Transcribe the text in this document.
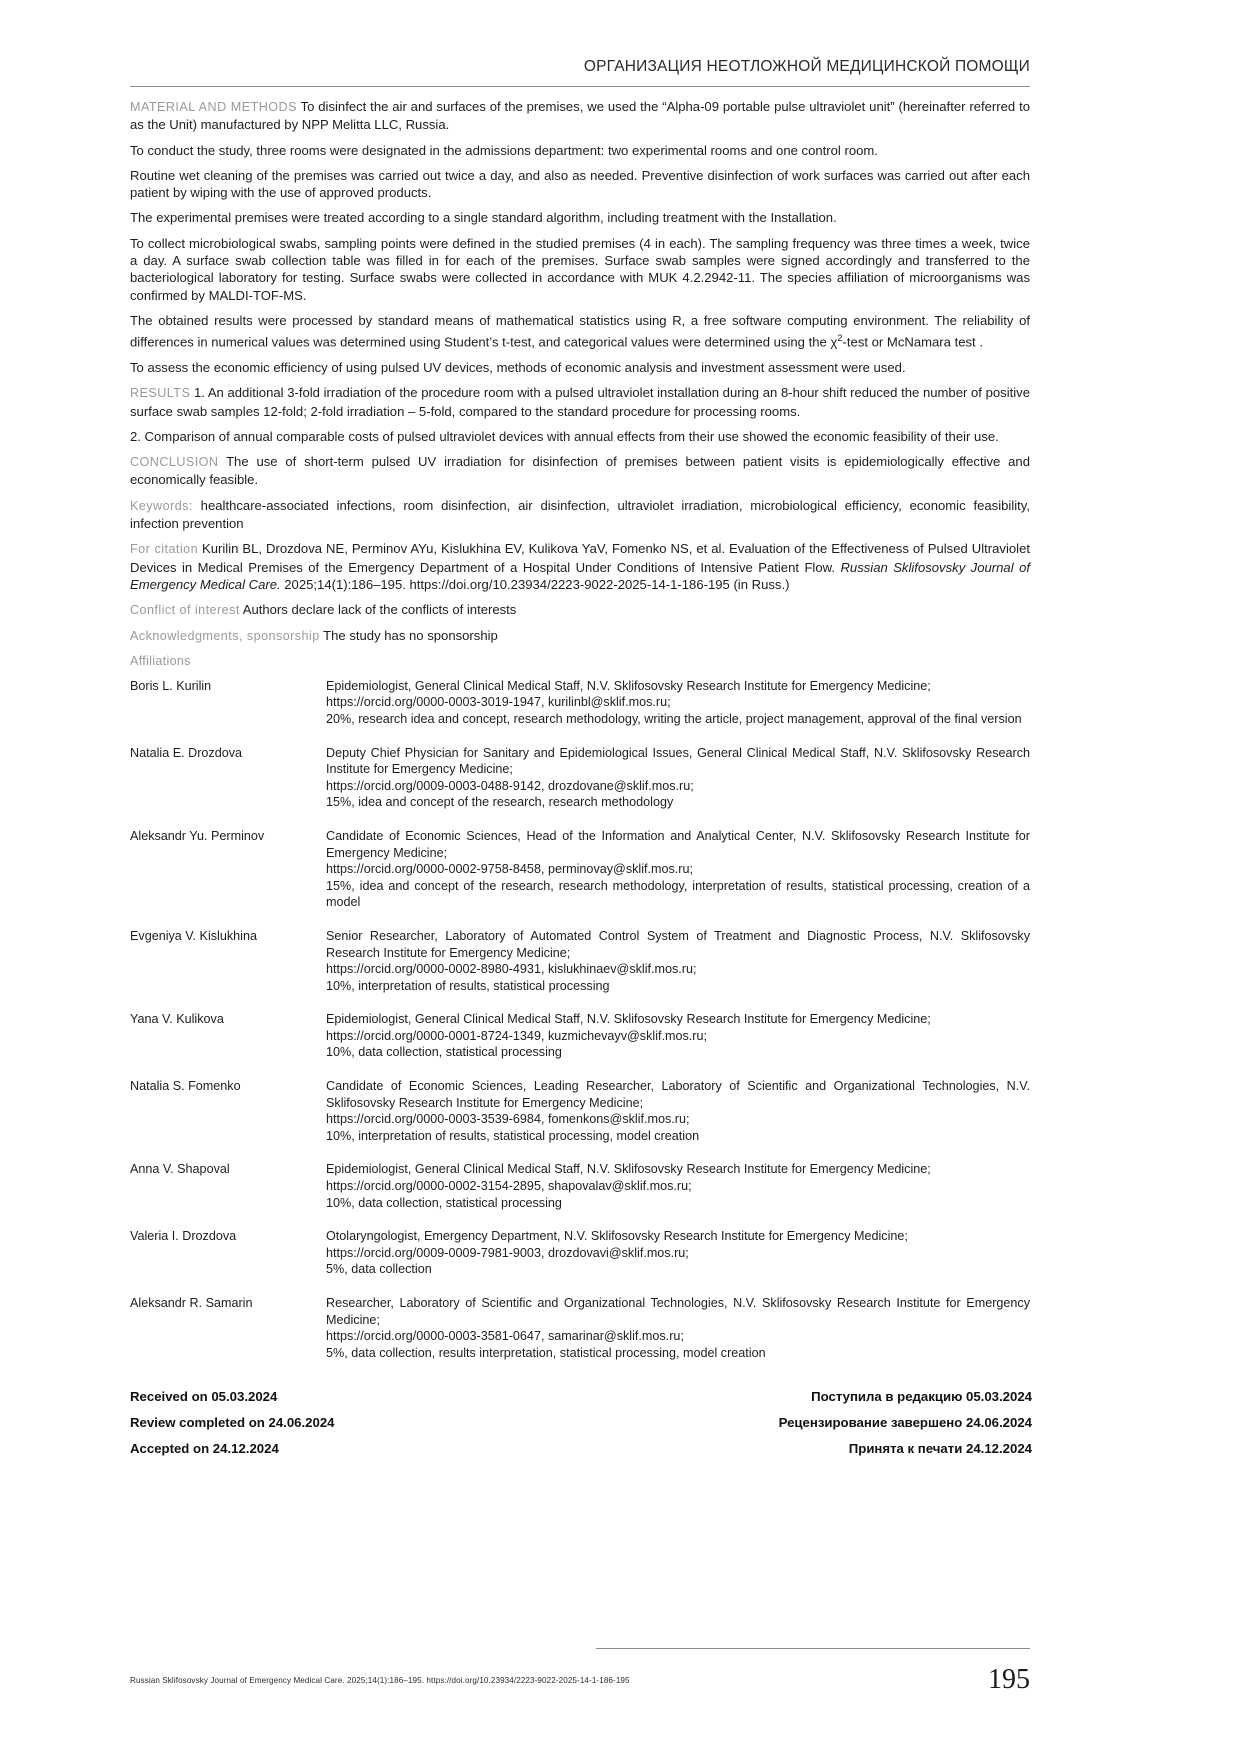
ОРГАНИЗАЦИЯ НЕОТЛОЖНОЙ МЕДИЦИНСКОЙ ПОМОЩИ

MATERIAL AND METHODS To disinfect the air and surfaces of the premises, we used the “Alpha-09 portable pulse ultraviolet unit” (hereinafter referred to as the Unit) manufactured by NPP Melitta LLC, Russia.

To conduct the study, three rooms were designated in the admissions department: two experimental rooms and one control room.

Routine wet cleaning of the premises was carried out twice a day, and also as needed. Preventive disinfection of work surfaces was carried out after each patient by wiping with the use of approved products.

The experimental premises were treated according to a single standard algorithm, including treatment with the Installation.

To collect microbiological swabs, sampling points were defined in the studied premises (4 in each). The sampling frequency was three times a week, twice a day. A surface swab collection table was filled in for each of the premises. Surface swab samples were signed accordingly and transferred to the bacteriological laboratory for testing. Surface swabs were collected in accordance with MUK 4.2.2942-11. The species affiliation of microorganisms was confirmed by MALDI-TOF-MS.

The obtained results were processed by standard means of mathematical statistics using R, a free software computing environment. The reliability of differences in numerical values was determined using Student’s t-test, and categorical values were determined using the $\chi^2$-test or McNamara test .

To assess the economic efficiency of using pulsed UV devices, methods of economic analysis and investment assessment were used.

RESULTS 1. An additional 3-fold irradiation of the procedure room with a pulsed ultraviolet installation during an 8-hour shift reduced the number of positive surface swab samples 12-fold; 2-fold irradiation – 5-fold, compared to the standard procedure for processing rooms.

2. Comparison of annual comparable costs of pulsed ultraviolet devices with annual effects from their use showed the economic feasibility of their use.

CONCLUSION The use of short-term pulsed UV irradiation for disinfection of premises between patient visits is epidemiologically effective and economically feasible.

Keywords: healthcare-associated infections, room disinfection, air disinfection, ultraviolet irradiation, microbiological efficiency, economic feasibility, infection prevention

For citation Kurilin BL, Drozdova NE, Perminov AYu, Kislukhina EV, Kulikova YaV, Fomenko NS, et al. Evaluation of the Effectiveness of Pulsed Ultraviolet Devices in Medical Premises of the Emergency Department of a Hospital Under Conditions of Intensive Patient Flow. Russian Sklifosovsky Journal of Emergency Medical Care. 2025;14(1):186–195. https://doi.org/10.23934/2223-9022-2025-14-1-186-195 (in Russ.)

Conflict of interest Authors declare lack of the conflicts of interests

Acknowledgments, sponsorship The study has no sponsorship

Affiliations
Boris L. Kurilin	Epidemiologist, General Clinical Medical Staff, N.V. Sklifosovsky Research Institute for Emergency Medicine;
https://orcid.org/0000-0003-3019-1947, kurilinbl@sklif.mos.ru;
20%, research idea and concept, research methodology, writing the article, project management, approval of the final version

Natalia E. Drozdova	Deputy Chief Physician for Sanitary and Epidemiological Issues, General Clinical Medical Staff, N.V. Sklifosovsky Research Institute for Emergency Medicine;
https://orcid.org/0009-0003-0488-9142, drozdovane@sklif.mos.ru;
15%, idea and concept of the research, research methodology

Aleksandr Yu. Perminov	Candidate of Economic Sciences, Head of the Information and Analytical Center, N.V. Sklifosovsky Research Institute for Emergency Medicine;
https://orcid.org/0000-0002-9758-8458, perminovay@sklif.mos.ru;
15%, idea and concept of the research, research methodology, interpretation of results, statistical processing, creation of a model

Evgeniya V. Kislukhina	Senior Researcher, Laboratory of Automated Control System of Treatment and Diagnostic Process, N.V. Sklifosovsky Research Institute for Emergency Medicine;
https://orcid.org/0000-0002-8980-4931, kislukhinaev@sklif.mos.ru;
10%, interpretation of results, statistical processing

Yana V. Kulikova	Epidemiologist, General Clinical Medical Staff, N.V. Sklifosovsky Research Institute for Emergency Medicine;
https://orcid.org/0000-0001-8724-1349, kuzmichevayv@sklif.mos.ru;
10%, data collection, statistical processing

Natalia S. Fomenko	Candidate of Economic Sciences, Leading Researcher, Laboratory of Scientific and Organizational Technologies, N.V. Sklifosovsky Research Institute for Emergency Medicine;
https://orcid.org/0000-0003-3539-6984, fomenkons@sklif.mos.ru;
10%, interpretation of results, statistical processing, model creation

Anna V. Shapoval	Epidemiologist, General Clinical Medical Staff, N.V. Sklifosovsky Research Institute for Emergency Medicine;
https://orcid.org/0000-0002-3154-2895, shapovalav@sklif.mos.ru;
10%, data collection, statistical processing

Valeria I. Drozdova	Otolaryngologist, Emergency Department, N.V. Sklifosovsky Research Institute for Emergency Medicine;
https://orcid.org/0009-0009-7981-9003, drozdovavi@sklif.mos.ru;
5%, data collection

Aleksandr R. Samarin	Researcher, Laboratory of Scientific and Organizational Technologies, N.V. Sklifosovsky Research Institute for Emergency Medicine;
https://orcid.org/0000-0003-3581-0647, samarinar@sklif.mos.ru;
5%, data collection, results interpretation, statistical processing, model creation
Received on 05.03.2024	Поступила в редакцию 05.03.2024
Review completed on 24.06.2024	Рецензирование завершено 24.06.2024
Accepted on 24.12.2024	Принята к печати 24.12.2024
Russian Sklifosovsky Journal of Emergency Medical Care. 2025;14(1):186–195. https://doi.org/10.23934/2223-9022-2025-14-1-186-195	195
